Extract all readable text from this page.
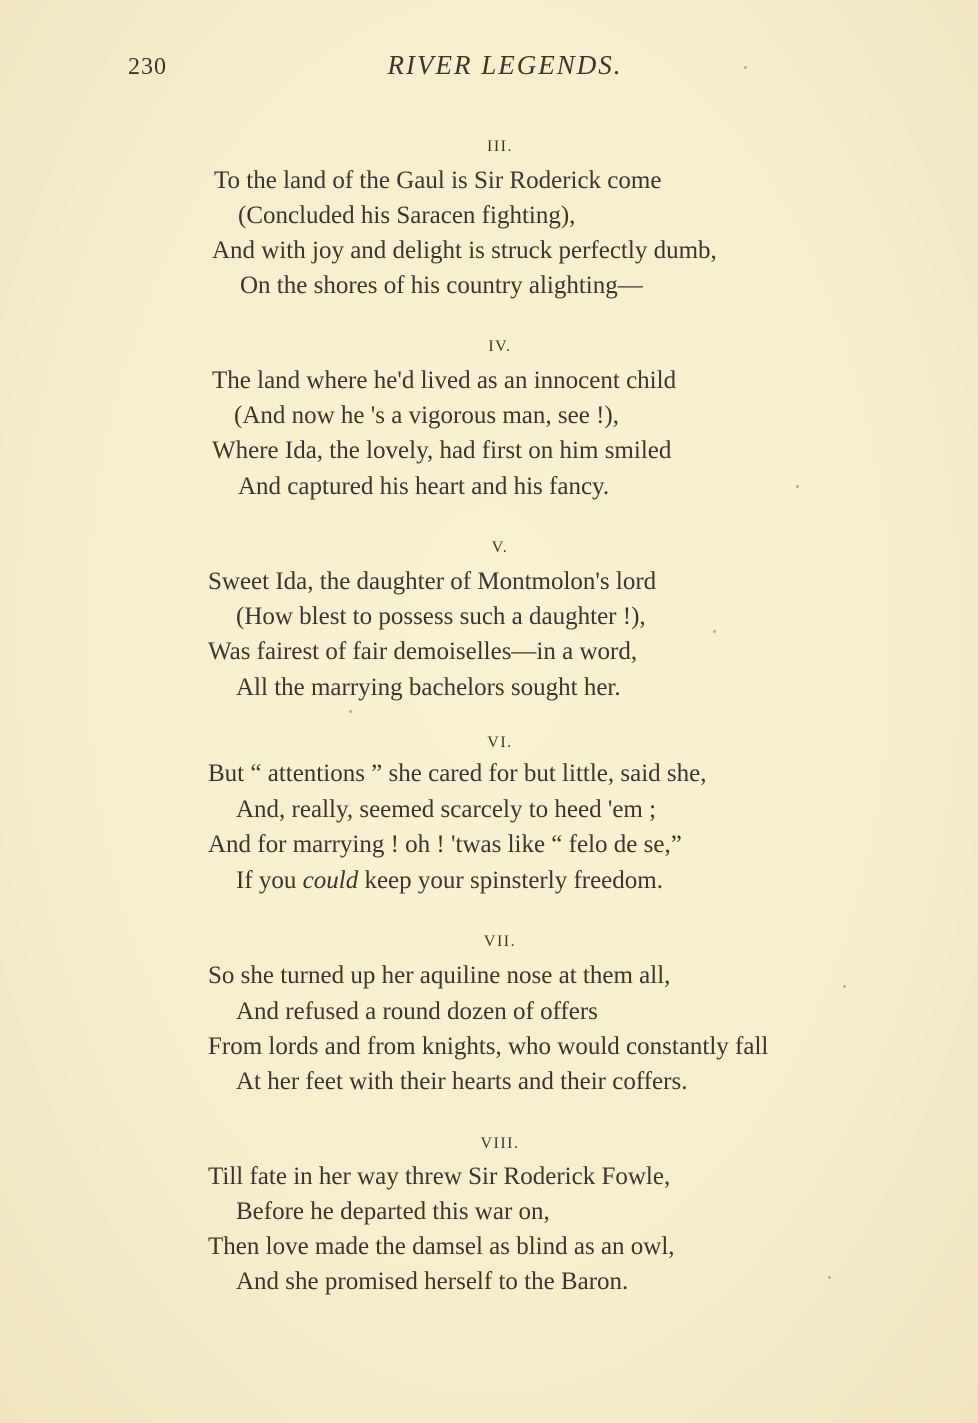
230	RIVER LEGENDS.
III.
To the land of the Gaul is Sir Roderick come
(Concluded his Saracen fighting),
And with joy and delight is struck perfectly dumb,
On the shores of his country alighting—
IV.
The land where he'd lived as an innocent child
(And now he 's a vigorous man, see !),
Where Ida, the lovely, had first on him smiled
And captured his heart and his fancy.
V.
Sweet Ida, the daughter of Montmolon's lord
(How blest to possess such a daughter !),
Was fairest of fair demoiselles—in a word,
All the marrying bachelors sought her.
VI.
But “ attentions ” she cared for but little, said she,
And, really, seemed scarcely to heed 'em ;
And for marrying ! oh ! 'twas like “ felo de se,”
If you could keep your spinsterly freedom.
VII.
So she turned up her aquiline nose at them all,
And refused a round dozen of offers
From lords and from knights, who would constantly fall
At her feet with their hearts and their coffers.
VIII.
Till fate in her way threw Sir Roderick Fowle,
Before he departed this war on,
Then love made the damsel as blind as an owl,
And she promised herself to the Baron.
